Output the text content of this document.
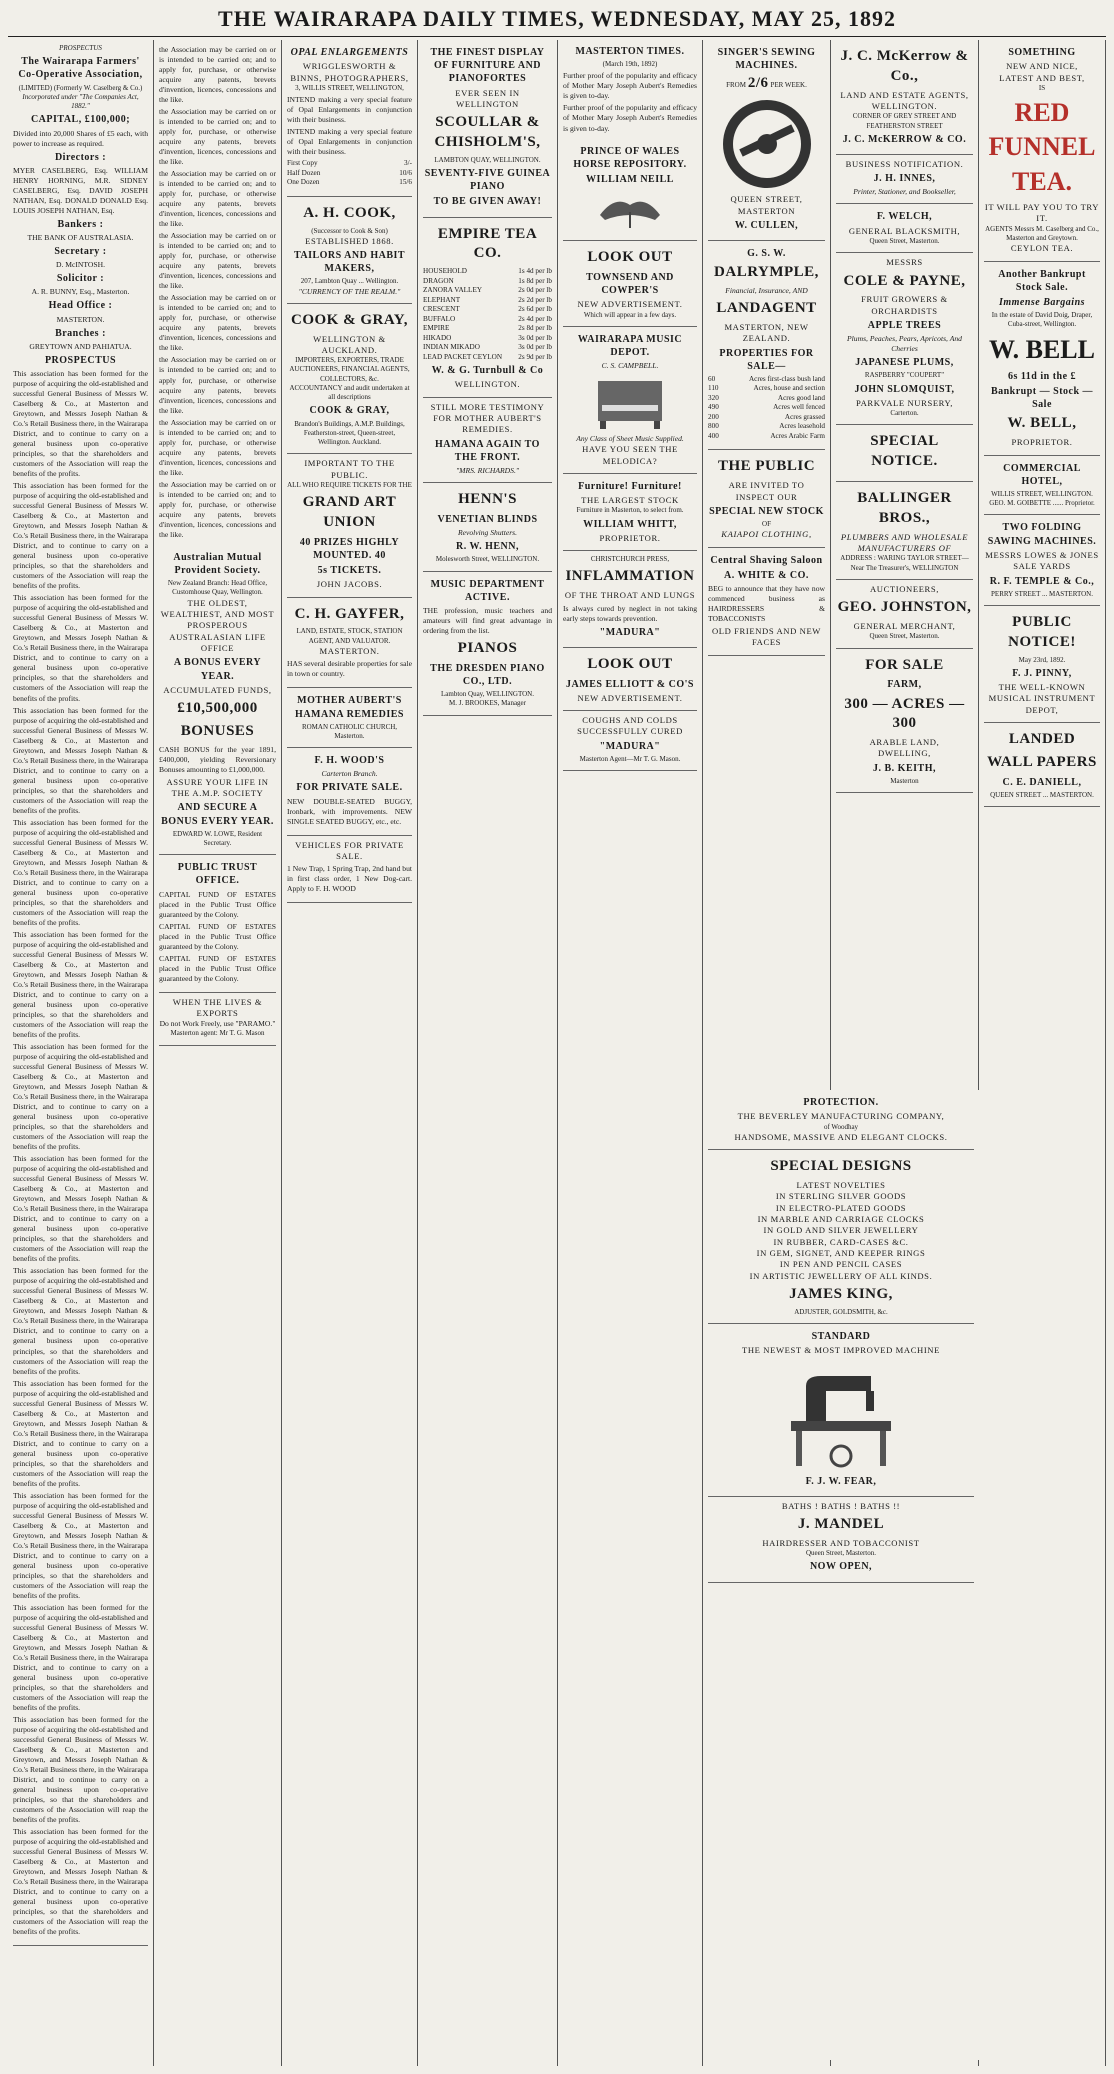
THE WAIRARAPA DAILY TIMES, WEDNESDAY, MAY 25, 1892
PROSPECTUS
The Wairarapa Farmers' Co-Operative Association,
(LIMITED) (Formerly W. Caselberg & Co.)
Incorporated under "The Companies Act, 1882."
CAPITAL, £100,000;

Divided into 20,000 Shares of £5 each, with power to increase as required.

Directors :

MYER CASELBERG, Esq. WILLIAM HENRY HORNING, M.R. SIDNEY CASELBERG, Esq. DAVID JOSEPH NATHAN, Esq. DONALD DONALD Esq. LOUIS JOSEPH NATHAN, Esq.

Bankers :
THE BANK OF AUSTRALASIA.
Secretary :
D. McINTOSH.
Solicitor :
A. R. BUNNY, Esq., Masterton.
Head Office :
MASTERTON.
Branches :
GREYTOWN AND PAHIATUA.
PROSPECTUS

This association has been formed for the purpose of acquiring the old-established and successful General Business of Messrs W. Caselberg & Co., at Masterton and Greytown, and Messrs Joseph Nathan & Co.'s Retail Business there, in the Wairarapa District, and to continue to carry on a general business upon co-operative principles, so that the shareholders and customers of the Association will reap the benefits of the profits.

This association has been formed for the purpose of acquiring the old-established and successful General Business of Messrs W. Caselberg & Co., at Masterton and Greytown, and Messrs Joseph Nathan & Co.'s Retail Business there, in the Wairarapa District, and to continue to carry on a general business upon co-operative principles, so that the shareholders and customers of the Association will reap the benefits of the profits.

This association has been formed for the purpose of acquiring the old-established and successful General Business of Messrs W. Caselberg & Co., at Masterton and Greytown, and Messrs Joseph Nathan & Co.'s Retail Business there, in the Wairarapa District, and to continue to carry on a general business upon co-operative principles, so that the shareholders and customers of the Association will reap the benefits of the profits.

This association has been formed for the purpose of acquiring the old-established and successful General Business of Messrs W. Caselberg & Co., at Masterton and Greytown, and Messrs Joseph Nathan & Co.'s Retail Business there, in the Wairarapa District, and to continue to carry on a general business upon co-operative principles, so that the shareholders and customers of the Association will reap the benefits of the profits.

This association has been formed for the purpose of acquiring the old-established and successful General Business of Messrs W. Caselberg & Co., at Masterton and Greytown, and Messrs Joseph Nathan & Co.'s Retail Business there, in the Wairarapa District, and to continue to carry on a general business upon co-operative principles, so that the shareholders and customers of the Association will reap the benefits of the profits.

This association has been formed for the purpose of acquiring the old-established and successful General Business of Messrs W. Caselberg & Co., at Masterton and Greytown, and Messrs Joseph Nathan & Co.'s Retail Business there, in the Wairarapa District, and to continue to carry on a general business upon co-operative principles, so that the shareholders and customers of the Association will reap the benefits of the profits.

This association has been formed for the purpose of acquiring the old-established and successful General Business of Messrs W. Caselberg & Co., at Masterton and Greytown, and Messrs Joseph Nathan & Co.'s Retail Business there, in the Wairarapa District, and to continue to carry on a general business upon co-operative principles, so that the shareholders and customers of the Association will reap the benefits of the profits.

This association has been formed for the purpose of acquiring the old-established and successful General Business of Messrs W. Caselberg & Co., at Masterton and Greytown, and Messrs Joseph Nathan & Co.'s Retail Business there, in the Wairarapa District, and to continue to carry on a general business upon co-operative principles, so that the shareholders and customers of the Association will reap the benefits of the profits.

This association has been formed for the purpose of acquiring the old-established and successful General Business of Messrs W. Caselberg & Co., at Masterton and Greytown, and Messrs Joseph Nathan & Co.'s Retail Business there, in the Wairarapa District, and to continue to carry on a general business upon co-operative principles, so that the shareholders and customers of the Association will reap the benefits of the profits.

This association has been formed for the purpose of acquiring the old-established and successful General Business of Messrs W. Caselberg & Co., at Masterton and Greytown, and Messrs Joseph Nathan & Co.'s Retail Business there, in the Wairarapa District, and to continue to carry on a general business upon co-operative principles, so that the shareholders and customers of the Association will reap the benefits of the profits.

This association has been formed for the purpose of acquiring the old-established and successful General Business of Messrs W. Caselberg & Co., at Masterton and Greytown, and Messrs Joseph Nathan & Co.'s Retail Business there, in the Wairarapa District, and to continue to carry on a general business upon co-operative principles, so that the shareholders and customers of the Association will reap the benefits of the profits.

This association has been formed for the purpose of acquiring the old-established and successful General Business of Messrs W. Caselberg & Co., at Masterton and Greytown, and Messrs Joseph Nathan & Co.'s Retail Business there, in the Wairarapa District, and to continue to carry on a general business upon co-operative principles, so that the shareholders and customers of the Association will reap the benefits of the profits.

This association has been formed for the purpose of acquiring the old-established and successful General Business of Messrs W. Caselberg & Co., at Masterton and Greytown, and Messrs Joseph Nathan & Co.'s Retail Business there, in the Wairarapa District, and to continue to carry on a general business upon co-operative principles, so that the shareholders and customers of the Association will reap the benefits of the profits.

This association has been formed for the purpose of acquiring the old-established and successful General Business of Messrs W. Caselberg & Co., at Masterton and Greytown, and Messrs Joseph Nathan & Co.'s Retail Business there, in the Wairarapa District, and to continue to carry on a general business upon co-operative principles, so that the shareholders and customers of the Association will reap the benefits of the profits.

the Association may be carried on or is intended to be carried on; and to apply for, purchase, or otherwise acquire any patents, brevets d'invention, licences, concessions and the like.

the Association may be carried on or is intended to be carried on; and to apply for, purchase, or otherwise acquire any patents, brevets d'invention, licences, concessions and the like.

the Association may be carried on or is intended to be carried on; and to apply for, purchase, or otherwise acquire any patents, brevets d'invention, licences, concessions and the like.

the Association may be carried on or is intended to be carried on; and to apply for, purchase, or otherwise acquire any patents, brevets d'invention, licences, concessions and the like.

the Association may be carried on or is intended to be carried on; and to apply for, purchase, or otherwise acquire any patents, brevets d'invention, licences, concessions and the like.

the Association may be carried on or is intended to be carried on; and to apply for, purchase, or otherwise acquire any patents, brevets d'invention, licences, concessions and the like.

the Association may be carried on or is intended to be carried on; and to apply for, purchase, or otherwise acquire any patents, brevets d'invention, licences, concessions and the like.

the Association may be carried on or is intended to be carried on; and to apply for, purchase, or otherwise acquire any patents, brevets d'invention, licences, concessions and the like.

Australian Mutual Provident Society.
New Zealand Branch: Head Office, Customhouse Quay, Wellington.
THE OLDEST, WEALTHIEST, AND MOST PROSPEROUS AUSTRALASIAN LIFE OFFICE
A BONUS EVERY YEAR.
ACCUMULATED FUNDS,
£10,500,000
BONUSES

CASH BONUS for the year 1891, £400,000, yielding Reversionary Bonuses amounting to £1,000,000.

ASSURE YOUR LIFE IN THE A.M.P. SOCIETY
AND SECURE A BONUS EVERY YEAR.
EDWARD W. LOWE, Resident Secretary.
PUBLIC TRUST OFFICE.

CAPITAL FUND OF ESTATES placed in the Public Trust Office guaranteed by the Colony.

CAPITAL FUND OF ESTATES placed in the Public Trust Office guaranteed by the Colony.

CAPITAL FUND OF ESTATES placed in the Public Trust Office guaranteed by the Colony.

WHEN THE LIVES & EXPORTS
Do not Work Freely, use "PARAMO."
Masterton agent: Mr T. G. Mason
OPAL ENLARGEMENTS
WRIGGLESWORTH & BINNS, PHOTOGRAPHERS,
3, WILLIS STREET, WELLINGTON,

INTEND making a very special feature of Opal Enlargements in conjunction with their business.

INTEND making a very special feature of Opal Enlargements in conjunction with their business.

First Copy	3/-
Half Dozen	10/6
One Dozen	15/6
A. H. COOK,
(Successor to Cook & Son)
ESTABLISHED 1868.
TAILORS AND HABIT MAKERS,
207, Lambton Quay ... Wellington.
"CURRENCY OF THE REALM."
COOK & GRAY,
WELLINGTON & AUCKLAND.
IMPORTERS, EXPORTERS, TRADE AUCTIONEERS, FINANCIAL AGENTS, COLLECTORS, &c.
ACCOUNTANCY and audit undertaken at all descriptions
COOK & GRAY,
Brandon's Buildings, A.M.P. Buildings, Featherston-street, Queen-street, Wellington. Auckland.
IMPORTANT TO THE PUBLIC.
ALL WHO REQUIRE TICKETS FOR THE
GRAND ART UNION
40 PRIZES HIGHLY MOUNTED. 40
5s TICKETS.
JOHN JACOBS.
C. H. GAYFER,
LAND, ESTATE, STOCK, STATION AGENT, AND VALUATOR.
MASTERTON.

HAS several desirable properties for sale in town or country.

MOTHER AUBERT'S HAMANA REMEDIES
ROMAN CATHOLIC CHURCH, Masterton.
F. H. WOOD'S
Carterton Branch.
FOR PRIVATE SALE.

NEW DOUBLE-SEATED BUGGY, Ironbark, with improvements. NEW SINGLE SEATED BUGGY, etc., etc.

VEHICLES FOR PRIVATE SALE.

1 New Trap, 1 Spring Trap, 2nd hand but in first class order, 1 New Dog-cart. Apply to F. H. WOOD

THE FINEST DISPLAY OF FURNITURE AND PIANOFORTES
EVER SEEN IN WELLINGTON
SCOULLAR & CHISHOLM'S,
LAMBTON QUAY, WELLINGTON.
SEVENTY-FIVE GUINEA PIANO
TO BE GIVEN AWAY!
EMPIRE TEA CO.
HOUSEHOLD	1s 4d per lb
DRAGON	1s 8d per lb
ZANORA VALLEY	2s 0d per lb
ELEPHANT	2s 2d per lb
CRESCENT	2s 6d per lb
BUFFALO	2s 4d per lb
EMPIRE	2s 8d per lb
HIKADO	3s 0d per lb
INDIAN MIKADO	3s 0d per lb
LEAD PACKET CEYLON 2s 9d per lb
W. & G. Turnbull & Co
WELLINGTON.
STILL MORE TESTIMONY FOR MOTHER AUBERT'S REMEDIES.
HAMANA AGAIN TO THE FRONT.
"MRS. RICHARDS."
HENN'S
VENETIAN BLINDS
Revolving Shutters.
R. W. HENN,
Molesworth Street, WELLINGTON.
MUSIC DEPARTMENT ACTIVE.

THE profession, music teachers and amateurs will find great advantage in ordering from the list.

PIANOS
THE DRESDEN PIANO CO., LTD.
Lambton Quay, WELLINGTON.
M. J. BROOKES, Manager
MASTERTON TIMES.
(March 19th, 1892)

Further proof of the popularity and efficacy of Mother Mary Joseph Aubert's Remedies is given to-day.

Further proof of the popularity and efficacy of Mother Mary Joseph Aubert's Remedies is given to-day.

PRINCE OF WALES HORSE REPOSITORY.
WILLIAM NEILL
LOOK OUT
TOWNSEND AND COWPER'S
NEW ADVERTISEMENT.
Which will appear in a few days.
WAIRARAPA MUSIC DEPOT.
C. S. CAMPBELL.
Any Class of Sheet Music Supplied.
HAVE YOU SEEN THE MELODICA?
Furniture! Furniture!
THE LARGEST STOCK
Furniture in Masterton, to select from.
WILLIAM WHITT,
PROPRIETOR.
CHRISTCHURCH PRESS,
INFLAMMATION
OF THE THROAT AND LUNGS

Is always cured by neglect in not taking early steps towards prevention.

"MADURA"
LOOK OUT
JAMES ELLIOTT & CO'S
NEW ADVERTISEMENT.
COUGHS AND COLDS SUCCESSFULLY CURED
"MADURA"
Masterton Agent—Mr T. G. Mason.
SINGER'S SEWING MACHINES.
FROM 2/6 PER WEEK.
QUEEN STREET, MASTERTON
W. CULLEN,
G. S. W.
DALRYMPLE,
Financial, Insurance, AND
LANDAGENT
MASTERTON, NEW ZEALAND.
PROPERTIES FOR SALE—
60	Acres first-class bush land
110	Acres, house and section
320	Acres good land
490	Acres well fenced
200	Acres grassed
800	Acres leasehold
400	Acres Arabic Farm
THE PUBLIC
ARE INVITED TO INSPECT OUR
SPECIAL NEW STOCK
OF
KAIAPOI CLOTHING,
Central Shaving Saloon
A. WHITE & CO.

BEG to announce that they have now commenced business as HAIRDRESSERS & TOBACCONISTS

OLD FRIENDS AND NEW FACES
J. C. McKerrow & Co.,
LAND AND ESTATE AGENTS,
WELLINGTON.
CORNER OF GREY STREET AND FEATHERSTON STREET
J. C. McKERROW & CO.
BUSINESS NOTIFICATION.
J. H. INNES,
Printer, Stationer, and Bookseller,
F. WELCH,
GENERAL BLACKSMITH,
Queen Street, Masterton.
MESSRS
COLE & PAYNE,
FRUIT GROWERS & ORCHARDISTS
APPLE TREES
Plums, Peaches, Pears, Apricots, And Cherries
JAPANESE PLUMS,
RASPBERRY "COUPERT"
JOHN SLOMQUIST,
PARKVALE NURSERY,
Carterton.
SPECIAL NOTICE.
BALLINGER BROS.,
PLUMBERS AND WHOLESALE MANUFACTURERS OF
ADDRESS : WARING TAYLOR STREET—Near The Treasurer's, WELLINGTON
AUCTIONEERS,
GEO. JOHNSTON,
GENERAL MERCHANT,
Queen Street, Masterton.
FOR SALE
FARM,
300 — ACRES — 300
ARABLE LAND,
DWELLING,
J. B. KEITH,
Masterton
SOMETHING
NEW AND NICE,
LATEST AND BEST,
IS
RED FUNNEL TEA.
IT WILL PAY YOU TO TRY IT.
AGENTS Messrs M. Caselberg and Co., Masterton and Greytown.
CEYLON TEA.
Another Bankrupt Stock Sale.
Immense Bargains
In the estate of David Doig, Draper, Cuba-street, Wellington.
W. BELL
6s 11d in the £
Bankrupt — Stock — Sale
W. BELL,
PROPRIETOR.
COMMERCIAL HOTEL,
WILLIS STREET, WELLINGTON.
GEO. M. GOIBETTE ...... Proprietor.
TWO FOLDING SAWING MACHINES.
MESSRS LOWES & JONES
SALE YARDS
R. F. TEMPLE & Co.,
PERRY STREET ... MASTERTON.
PUBLIC NOTICE!
May 23rd, 1892.
F. J. PINNY,
THE WELL-KNOWN MUSICAL INSTRUMENT DEPOT,
LANDED
WALL PAPERS
C. E. DANIELL,
QUEEN STREET ... MASTERTON.
PROTECTION.
THE BEVERLEY MANUFACTURING COMPANY,
of Woodhay
HANDSOME, MASSIVE AND ELEGANT CLOCKS.
SPECIAL DESIGNS
LATEST NOVELTIES
IN STERLING SILVER GOODS
IN ELECTRO-PLATED GOODS
IN MARBLE AND CARRIAGE CLOCKS
IN GOLD AND SILVER JEWELLERY
IN RUBBER, CARD-CASES &C.
IN GEM, SIGNET, AND KEEPER RINGS
IN PEN AND PENCIL CASES
IN ARTISTIC JEWELLERY OF ALL KINDS.
JAMES KING,
ADJUSTER, GOLDSMITH, &c.
STANDARD
THE NEWEST & MOST IMPROVED MACHINE
F. J. W. FEAR,
BATHS ! BATHS ! BATHS !!
J. MANDEL
HAIRDRESSER AND TOBACCONIST
Queen Street, Masterton.
NOW OPEN,
